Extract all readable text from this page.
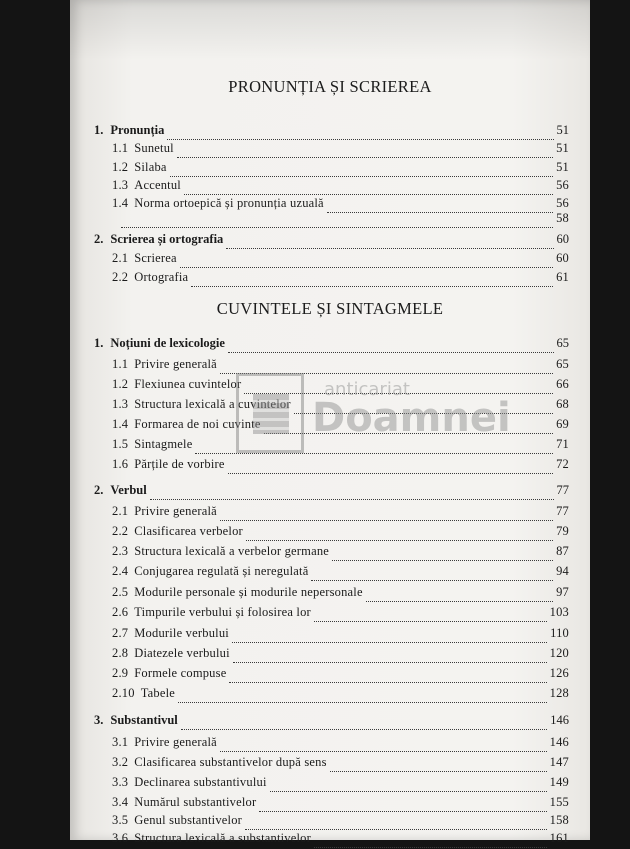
PRONUNȚIA ȘI SCRIEREA
1. Pronunția	51
1.1 Sunetul	51
1.2 Silaba	51
1.3 Accentul	56
1.4 Norma ortoepică și pronunția uzuală	56
58
2. Scrierea și ortografia	60
2.1 Scrierea	60
2.2 Ortografia	61
CUVINTELE ȘI SINTAGMELE
1. Noțiuni de lexicologie	65
1.1 Privire generală	65
1.2 Flexiunea cuvintelor	66
1.3 Structura lexicală a cuvintelor	68
1.4 Formarea de noi cuvinte	69
1.5 Sintagmele	71
1.6 Părțile de vorbire	72
2. Verbul	77
2.1 Privire generală	77
2.2 Clasificarea verbelor	79
2.3 Structura lexicală a verbelor germane	87
2.4 Conjugarea regulată și neregulată	94
2.5 Modurile personale și modurile nepersonale	97
2.6 Timpurile verbului și folosirea lor	103
2.7 Modurile verbului	110
2.8 Diatezele verbului	120
2.9 Formele compuse	126
2.10 Tabele	128
3. Substantivul	146
3.1 Privire generală	146
3.2 Clasificarea substantivelor după sens	147
3.3 Declinarea substantivului	149
3.4 Numărul substantivelor	155
3.5 Genul substantivelor	158
3.6 Structura lexicală a substantivelor	161
anticariat
Doamnei
